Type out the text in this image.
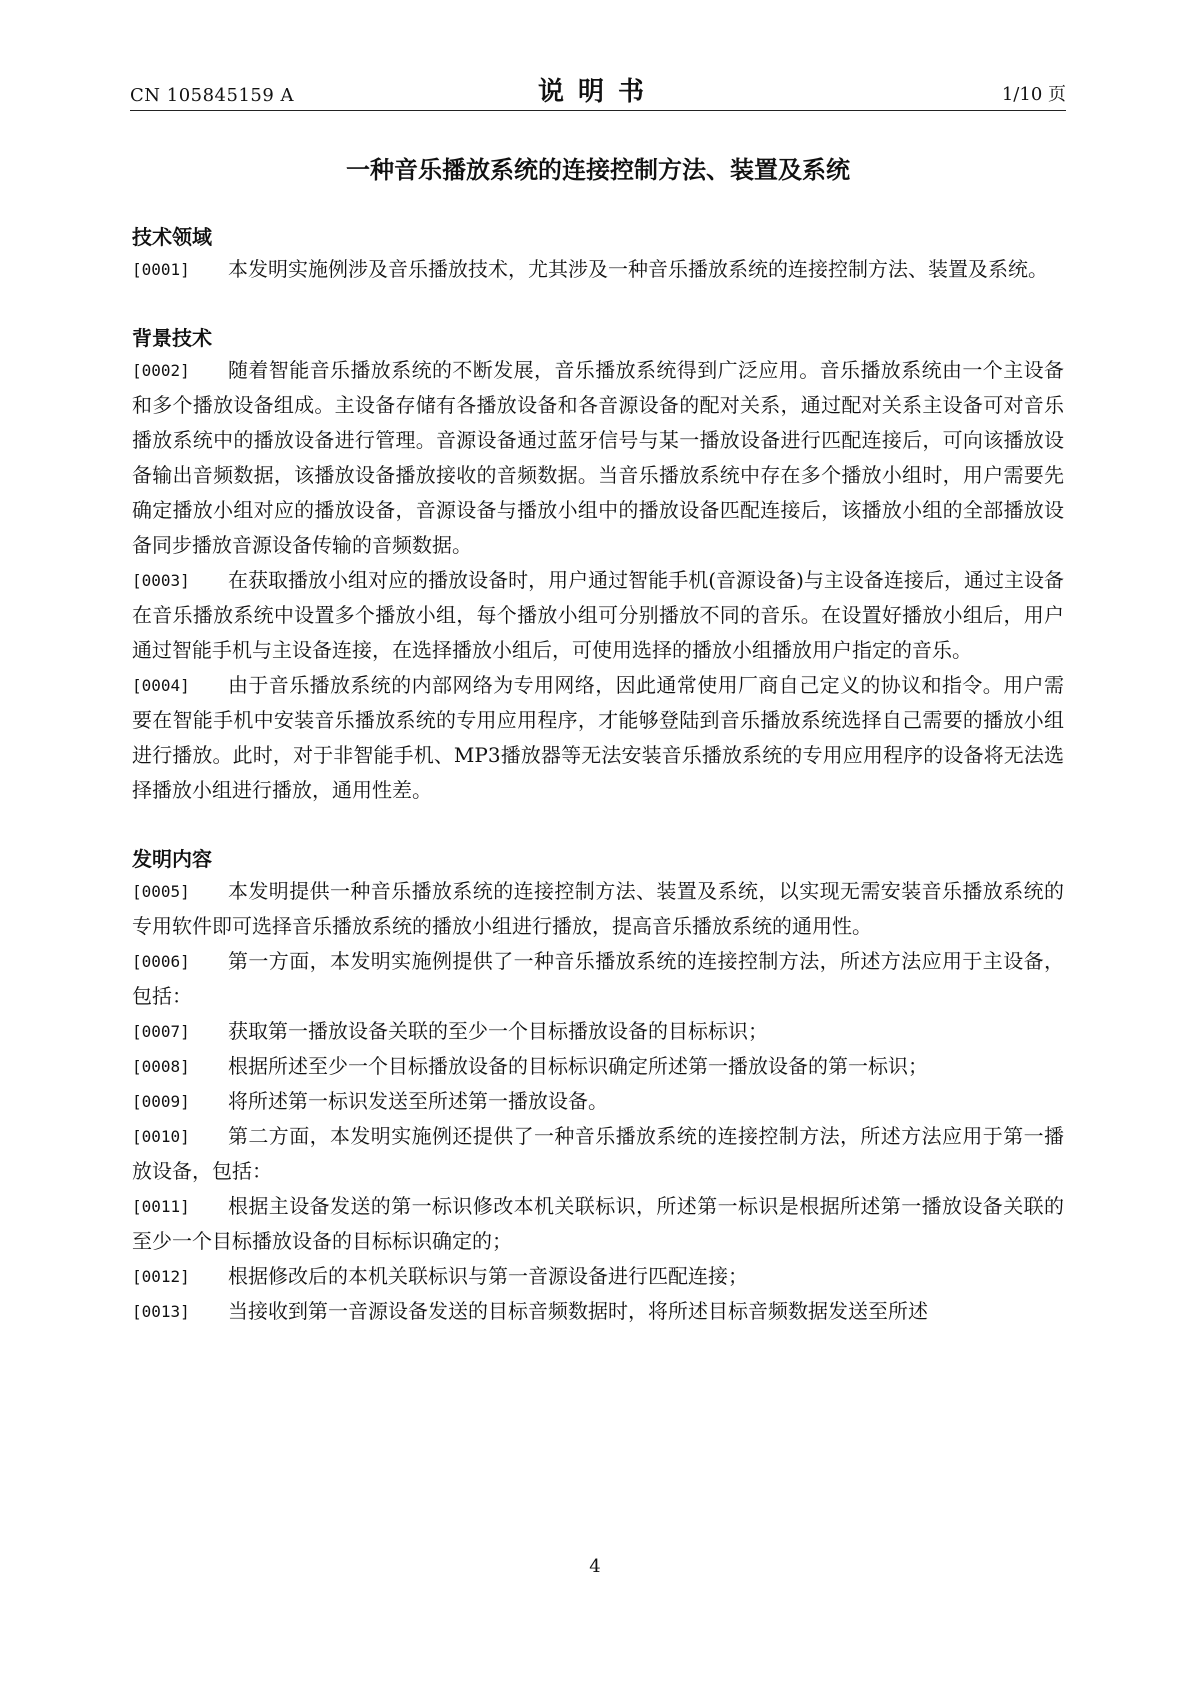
CN 105845159 A	说明书	1/10 页
一种音乐播放系统的连接控制方法、装置及系统
技术领域
[0001]	本发明实施例涉及音乐播放技术，尤其涉及一种音乐播放系统的连接控制方法、装置及系统。
背景技术
[0002]	随着智能音乐播放系统的不断发展，音乐播放系统得到广泛应用。音乐播放系统由一个主设备和多个播放设备组成。主设备存储有各播放设备和各音源设备的配对关系，通过配对关系主设备可对音乐播放系统中的播放设备进行管理。音源设备通过蓝牙信号与某一播放设备进行匹配连接后，可向该播放设备输出音频数据，该播放设备播放接收的音频数据。当音乐播放系统中存在多个播放小组时，用户需要先确定播放小组对应的播放设备，音源设备与播放小组中的播放设备匹配连接后，该播放小组的全部播放设备同步播放音源设备传输的音频数据。
[0003]	在获取播放小组对应的播放设备时，用户通过智能手机(音源设备)与主设备连接后，通过主设备在音乐播放系统中设置多个播放小组，每个播放小组可分别播放不同的音乐。在设置好播放小组后，用户通过智能手机与主设备连接，在选择播放小组后，可使用选择的播放小组播放用户指定的音乐。
[0004]	由于音乐播放系统的内部网络为专用网络，因此通常使用厂商自己定义的协议和指令。用户需要在智能手机中安装音乐播放系统的专用应用程序，才能够登陆到音乐播放系统选择自己需要的播放小组进行播放。此时，对于非智能手机、MP3播放器等无法安装音乐播放系统的专用应用程序的设备将无法选择播放小组进行播放，通用性差。
发明内容
[0005]	本发明提供一种音乐播放系统的连接控制方法、装置及系统，以实现无需安装音乐播放系统的专用软件即可选择音乐播放系统的播放小组进行播放，提高音乐播放系统的通用性。
[0006]	第一方面，本发明实施例提供了一种音乐播放系统的连接控制方法，所述方法应用于主设备，包括：
[0007]	获取第一播放设备关联的至少一个目标播放设备的目标标识；
[0008]	根据所述至少一个目标播放设备的目标标识确定所述第一播放设备的第一标识；
[0009]	将所述第一标识发送至所述第一播放设备。
[0010]	第二方面，本发明实施例还提供了一种音乐播放系统的连接控制方法，所述方法应用于第一播放设备，包括：
[0011]	根据主设备发送的第一标识修改本机关联标识，所述第一标识是根据所述第一播放设备关联的至少一个目标播放设备的目标标识确定的；
[0012]	根据修改后的本机关联标识与第一音源设备进行匹配连接；
[0013]	当接收到第一音源设备发送的目标音频数据时，将所述目标音频数据发送至所述
4
